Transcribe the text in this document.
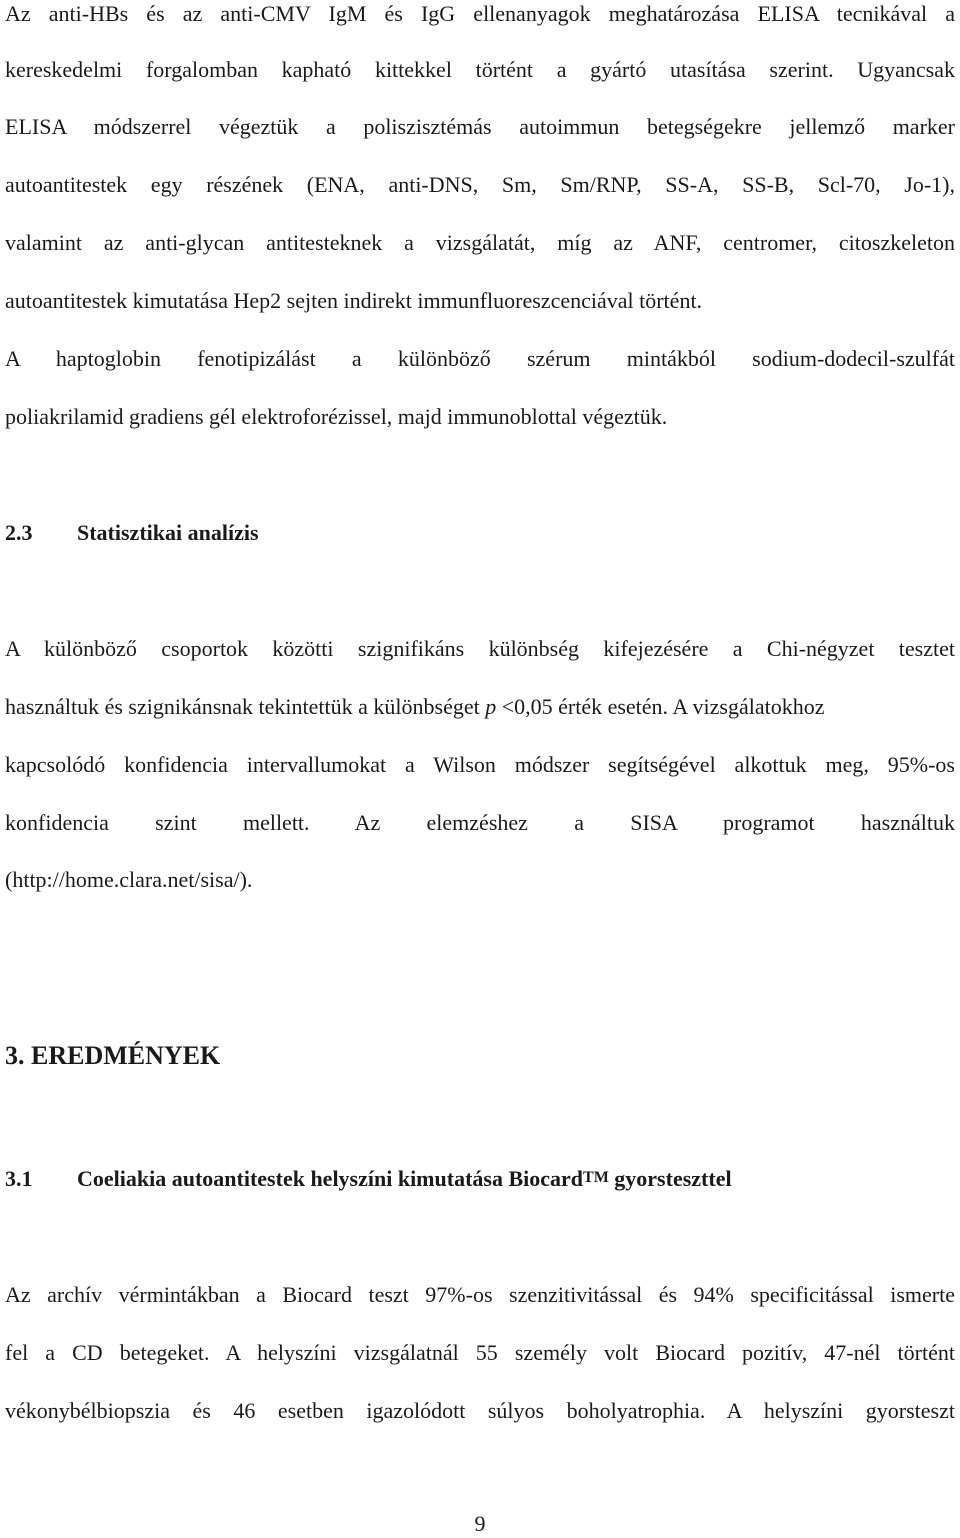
Az anti-HBs és az anti-CMV IgM és IgG ellenanyagok meghatározása ELISA tecnikával a
kereskedelmi forgalomban kapható kittekkel történt a gyártó utasítása szerint. Ugyancsak
ELISA módszerrel végeztük a poliszisztémás autoimmun betegségekre jellemző marker
autoantitestek egy részének (ENA, anti-DNS, Sm, Sm/RNP, SS-A, SS-B, Scl-70, Jo-1),
valamint az anti-glycan antitesteknek a vizsgálatát, míg az ANF, centromer, citoszkeleton
autoantitestek kimutatása Hep2 sejten indirekt immunfluoreszcenciával történt.
A haptoglobin fenotipizálást a különböző szérum mintákból sodium-dodecil-szulfát
poliakrilamid gradiens gél elektroforézissel, majd immunoblottal végeztük.
2.3 Statisztikai analízis
A különböző csoportok közötti szignifikáns különbség kifejezésére a Chi-négyzet tesztet
használtuk és szignikánsnak tekintettük a különbséget p <0,05 érték esetén. A vizsgálatokhoz
kapcsolódó konfidencia intervallumokat a Wilson módszer segítségével alkottuk meg, 95%-os
konfidencia szint mellett. Az elemzéshez a SISA programot használtuk
(http://home.clara.net/sisa/).
3. EREDMÉNYEK
3.1 Coeliakia autoantitestek helyszíni kimutatása Biocard™ gyorsteszttel
Az archív vérmintákban a Biocard teszt 97%-os szenzitivitással és 94% specificitással ismerte
fel a CD betegeket. A helyszíni vizsgálatnál 55 személy volt Biocard pozitív, 47-nél történt
vékonybélbiopszia és 46 esetben igazolódott súlyos boholyatrophia. A helyszíni gyorsteszt
9
